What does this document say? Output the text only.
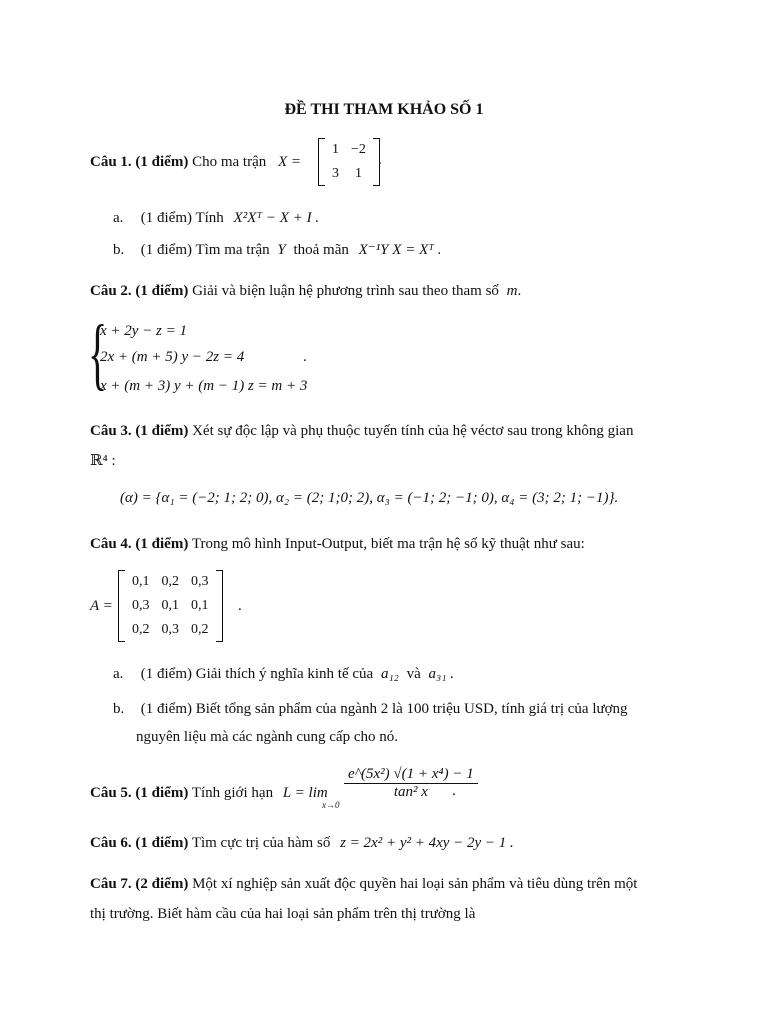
ĐỀ THI THAM KHẢO SỐ 1
Câu 1. (1 điểm) Cho ma trận X =
1	−2
3	1
.
a. (1 điểm) Tính X²Xᵀ − X + I .
b. (1 điểm) Tìm ma trận Y thoả mãn X⁻¹Y X = Xᵀ .
Câu 2. (1 điểm) Giải và biện luận hệ phương trình sau theo tham số m.
{
x + 2y − z = 1
2x + (m + 5) y − 2z = 4
x + (m + 3) y + (m − 1) z = m + 3
.
Câu 3. (1 điểm) Xét sự độc lập và phụ thuộc tuyến tính của hệ véctơ sau trong không gian
ℝ⁴ :
(α) = {α₁ = (−2; 1; 2; 0), α₂ = (2; 1;0; 2), α₃ = (−1; 2; −1; 0), α₄ = (3; 2; 1; −1)}.
Câu 4. (1 điểm) Trong mô hình Input-Output, biết ma trận hệ số kỹ thuật như sau:
A =
0,1	0,2	0,3
0,3	0,1	0,1
0,2	0,3	0,2
.
a. (1 điểm) Giải thích ý nghĩa kinh tế của a₁₂ và a₃₁ .
b. (1 điểm) Biết tổng sản phẩm của ngành 2 là 100 triệu USD, tính giá trị của lượng
nguyên liệu mà các ngành cung cấp cho nó.
Câu 5. (1 điểm) Tính giới hạn L = lim
x→0
$\frac{\text{e\textasciicircum{}(5x²) √(1 + x⁴) − 1}}{\text{tan² x}}$
.
Câu 6. (1 điểm) Tìm cực trị của hàm số z = 2x² + y² + 4xy − 2y − 1 .
Câu 7. (2 điểm) Một xí nghiệp sản xuất độc quyền hai loại sản phẩm và tiêu dùng trên một
thị trường. Biết hàm cầu của hai loại sản phẩm trên thị trường là
